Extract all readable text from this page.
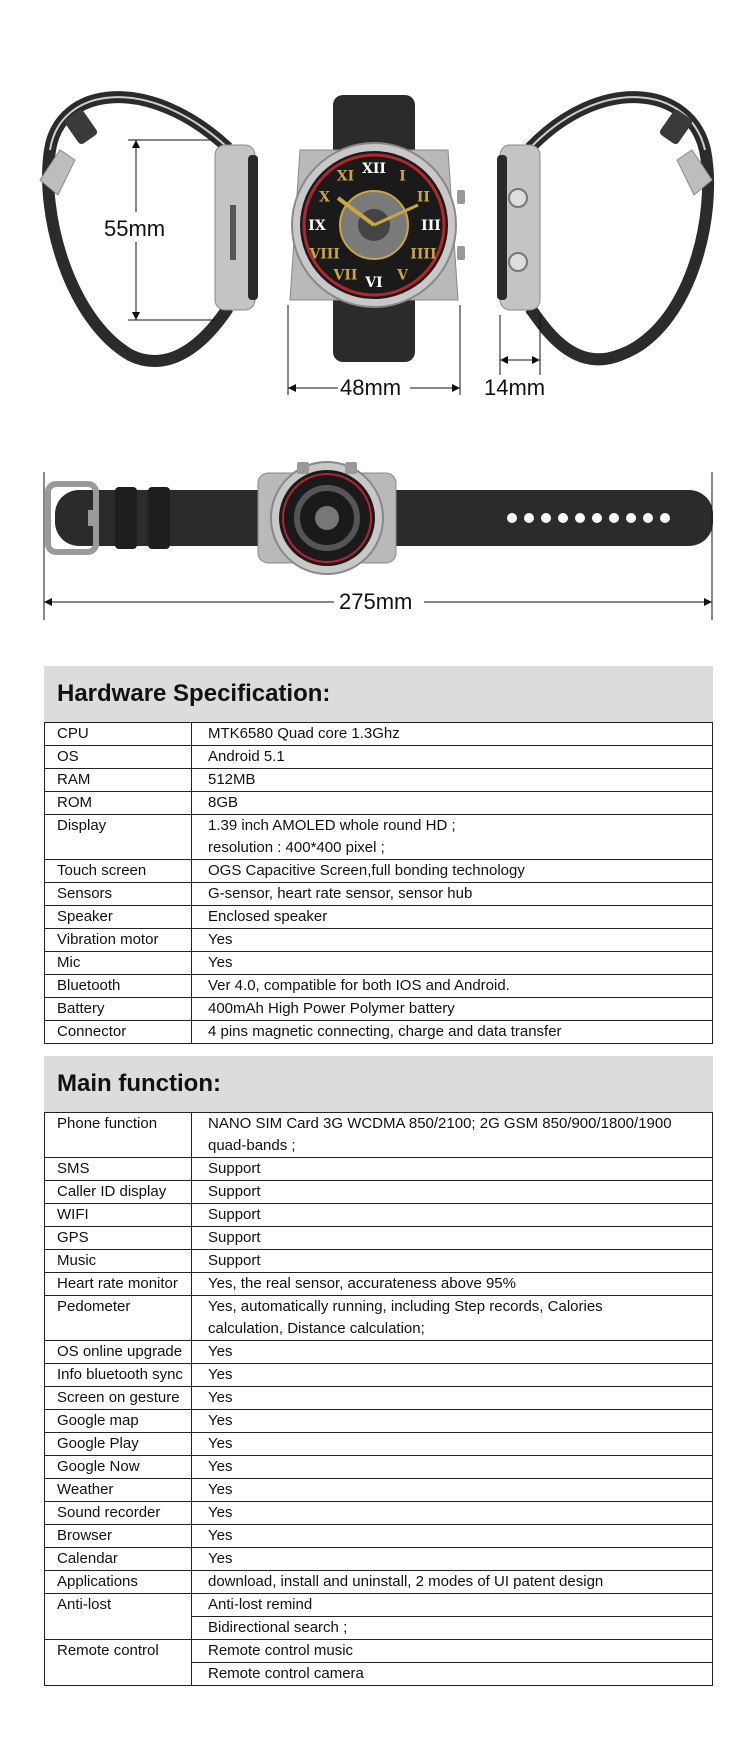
55mm
XII I
II
III
IIII
V
VI
VII
VIII
IX
X
XI
48mm	14mm
275mm
Hardware Specification:
CPU	MTK6580 Quad core 1.3Ghz

OS	Android 5.1

RAM	512MB

ROM	8GB

Display	1.39 inch AMOLED whole round HD ;
resolution : 400*400 pixel ;

Touch screen	OGS Capacitive Screen,full bonding technology

Sensors	G-sensor, heart rate sensor, sensor hub

Speaker	Enclosed speaker

Vibration motor	Yes

Mic	Yes

Bluetooth	Ver 4.0, compatible for both IOS and Android.

Battery	400mAh High Power Polymer battery

Connector	4 pins magnetic connecting, charge and data transfer
Main function:
Phone function	NANO SIM Card 3G WCDMA 850/2100; 2G GSM 850/900/1800/1900
quad-bands ;

SMS	Support

Caller ID display	Support

WIFI	Support

GPS	Support

Music	Support

Heart rate monitor	Yes, the real sensor, accurateness above 95%

Pedometer	Yes, automatically running, including Step records, Calories
calculation, Distance calculation;

OS online upgrade	Yes

Info bluetooth sync	Yes

Screen on gesture	Yes

Google map	Yes

Google Play	Yes

Google Now	Yes

Weather	Yes

Sound recorder	Yes

Browser	Yes

Calendar	Yes

Applications	download, install and uninstall, 2 modes of UI patent design

Anti-lost	Anti-lost remind
	Bidirectional search ;
Remote control	Remote control music
	Remote control camera
